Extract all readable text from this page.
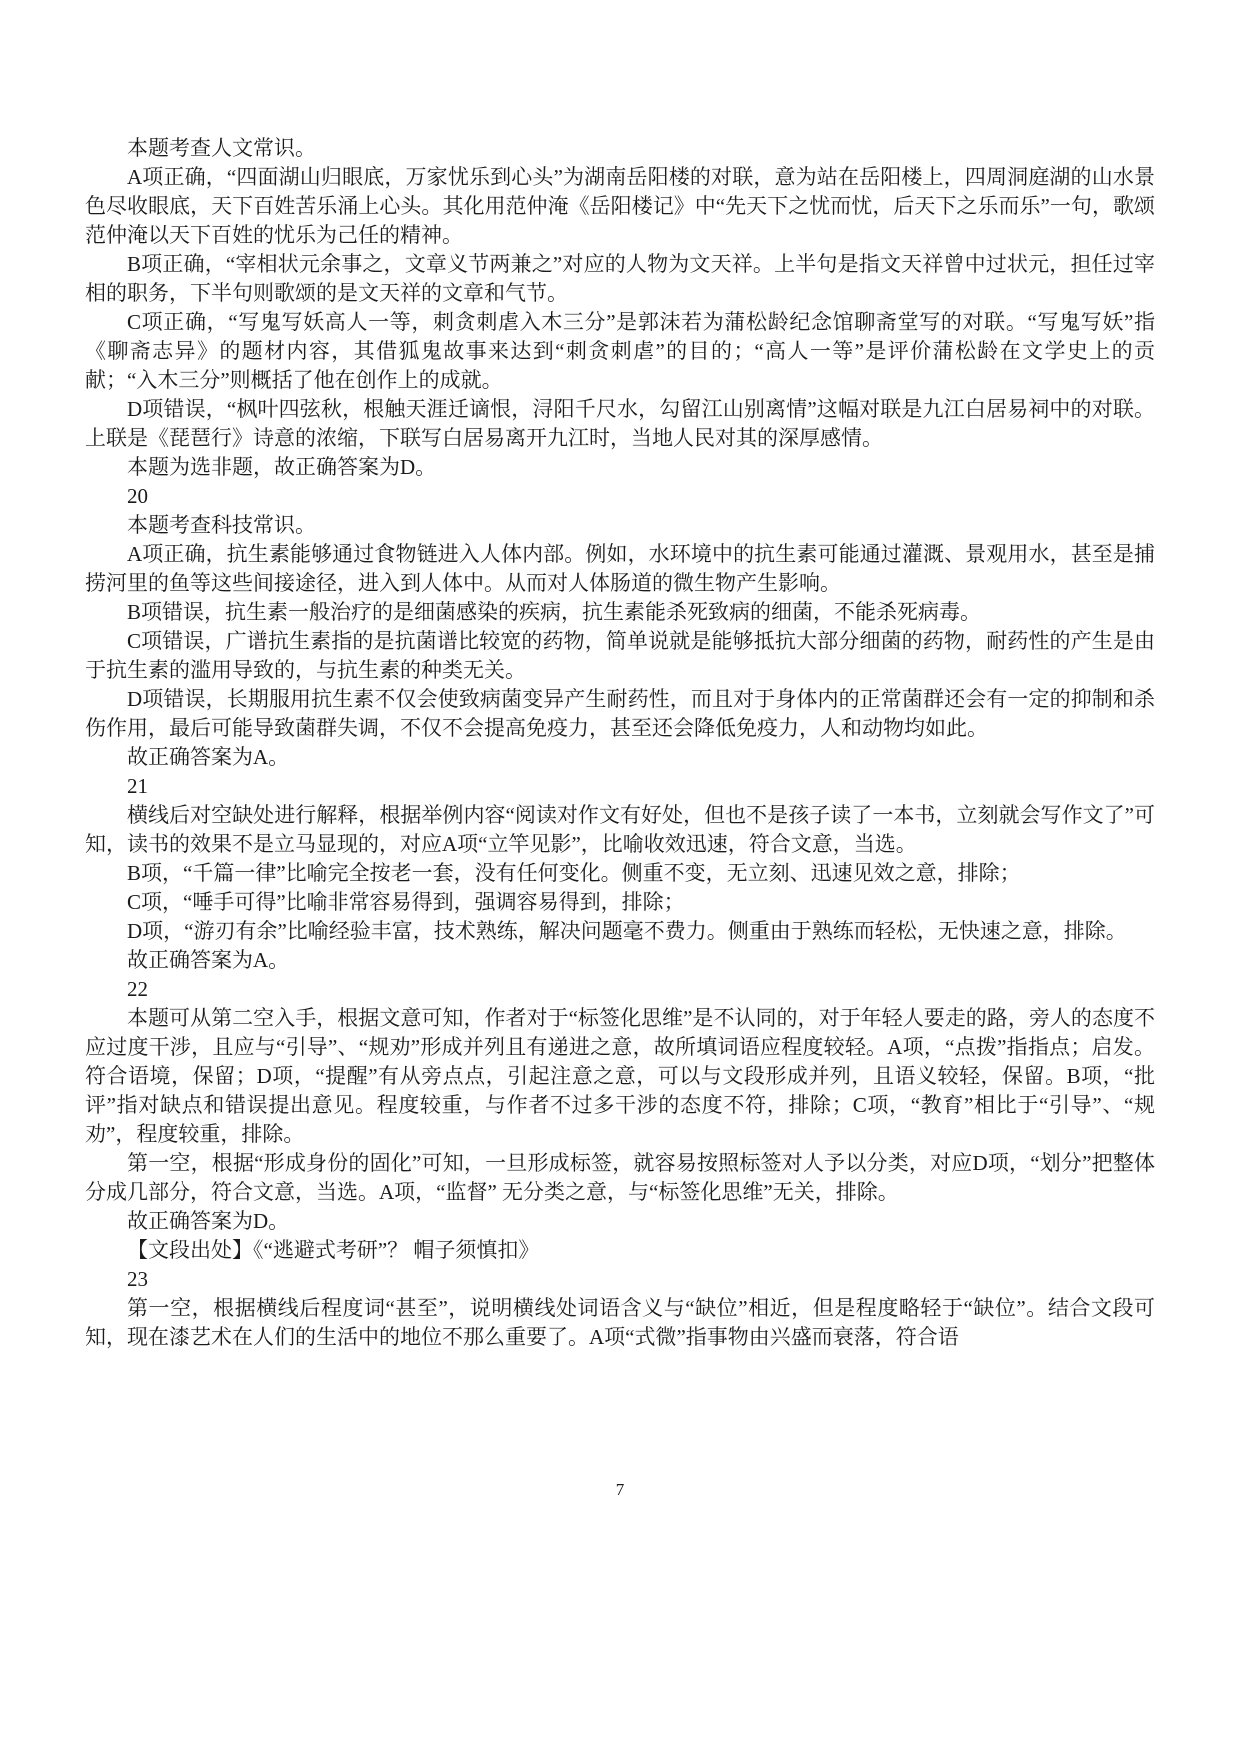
本题考查人文常识。

A项正确，“四面湖山归眼底，万家忧乐到心头”为湖南岳阳楼的对联，意为站在岳阳楼上，四周洞庭湖的山水景色尽收眼底，天下百姓苦乐涌上心头。其化用范仲淹《岳阳楼记》中“先天下之忧而忧，后天下之乐而乐”一句，歌颂范仲淹以天下百姓的忧乐为己任的精神。

B项正确，“宰相状元余事之，文章义节两兼之”对应的人物为文天祥。上半句是指文天祥曾中过状元，担任过宰相的职务，下半句则歌颂的是文天祥的文章和气节。

C项正确，“写鬼写妖高人一等，刺贪刺虐入木三分”是郭沫若为蒲松龄纪念馆聊斋堂写的对联。“写鬼写妖”指《聊斋志异》的题材内容，其借狐鬼故事来达到“刺贪刺虐”的目的；“高人一等”是评价蒲松龄在文学史上的贡献；“入木三分”则概括了他在创作上的成就。

D项错误，“枫叶四弦秋，根触天涯迁谪恨，浔阳千尺水，勾留江山别离情”这幅对联是九江白居易祠中的对联。上联是《琵琶行》诗意的浓缩，下联写白居易离开九江时，当地人民对其的深厚感情。

本题为选非题，故正确答案为D。

20

本题考查科技常识。

A项正确，抗生素能够通过食物链进入人体内部。例如，水环境中的抗生素可能通过灌溉、景观用水，甚至是捕捞河里的鱼等这些间接途径，进入到人体中。从而对人体肠道的微生物产生影响。

B项错误，抗生素一般治疗的是细菌感染的疾病，抗生素能杀死致病的细菌，不能杀死病毒。

C项错误，广谱抗生素指的是抗菌谱比较宽的药物，简单说就是能够抵抗大部分细菌的药物，耐药性的产生是由于抗生素的滥用导致的，与抗生素的种类无关。

D项错误，长期服用抗生素不仅会使致病菌变异产生耐药性，而且对于身体内的正常菌群还会有一定的抑制和杀伤作用，最后可能导致菌群失调，不仅不会提高免疫力，甚至还会降低免疫力，人和动物均如此。

故正确答案为A。

21

横线后对空缺处进行解释，根据举例内容“阅读对作文有好处，但也不是孩子读了一本书，立刻就会写作文了”可知，读书的效果不是立马显现的，对应A项“立竿见影”，比喻收效迅速，符合文意，当选。

B项，“千篇一律”比喻完全按老一套，没有任何变化。侧重不变，无立刻、迅速见效之意，排除；

C项，“唾手可得”比喻非常容易得到，强调容易得到，排除；

D项，“游刃有余”比喻经验丰富，技术熟练，解决问题毫不费力。侧重由于熟练而轻松，无快速之意，排除。

故正确答案为A。

22

本题可从第二空入手，根据文意可知，作者对于“标签化思维”是不认同的，对于年轻人要走的路，旁人的态度不应过度干涉，且应与“引导”、“规劝”形成并列且有递进之意，故所填词语应程度较轻。A项，“点拨”指指点；启发。符合语境，保留；D项，“提醒”有从旁点点，引起注意之意，可以与文段形成并列，且语义较轻，保留。B项，“批评”指对缺点和错误提出意见。程度较重，与作者不过多干涉的态度不符，排除；C项，“教育”相比于“引导”、“规劝”，程度较重，排除。

第一空，根据“形成身份的固化”可知，一旦形成标签，就容易按照标签对人予以分类，对应D项，“划分”把整体分成几部分，符合文意，当选。A项，“监督” 无分类之意，与“标签化思维”无关，排除。

故正确答案为D。

【文段出处】《“逃避式考研”？ 帽子须慎扣》

23

第一空，根据横线后程度词“甚至”，说明横线处词语含义与“缺位”相近，但是程度略轻于“缺位”。结合文段可知，现在漆艺术在人们的生活中的地位不那么重要了。A项“式微”指事物由兴盛而衰落，符合语

7
